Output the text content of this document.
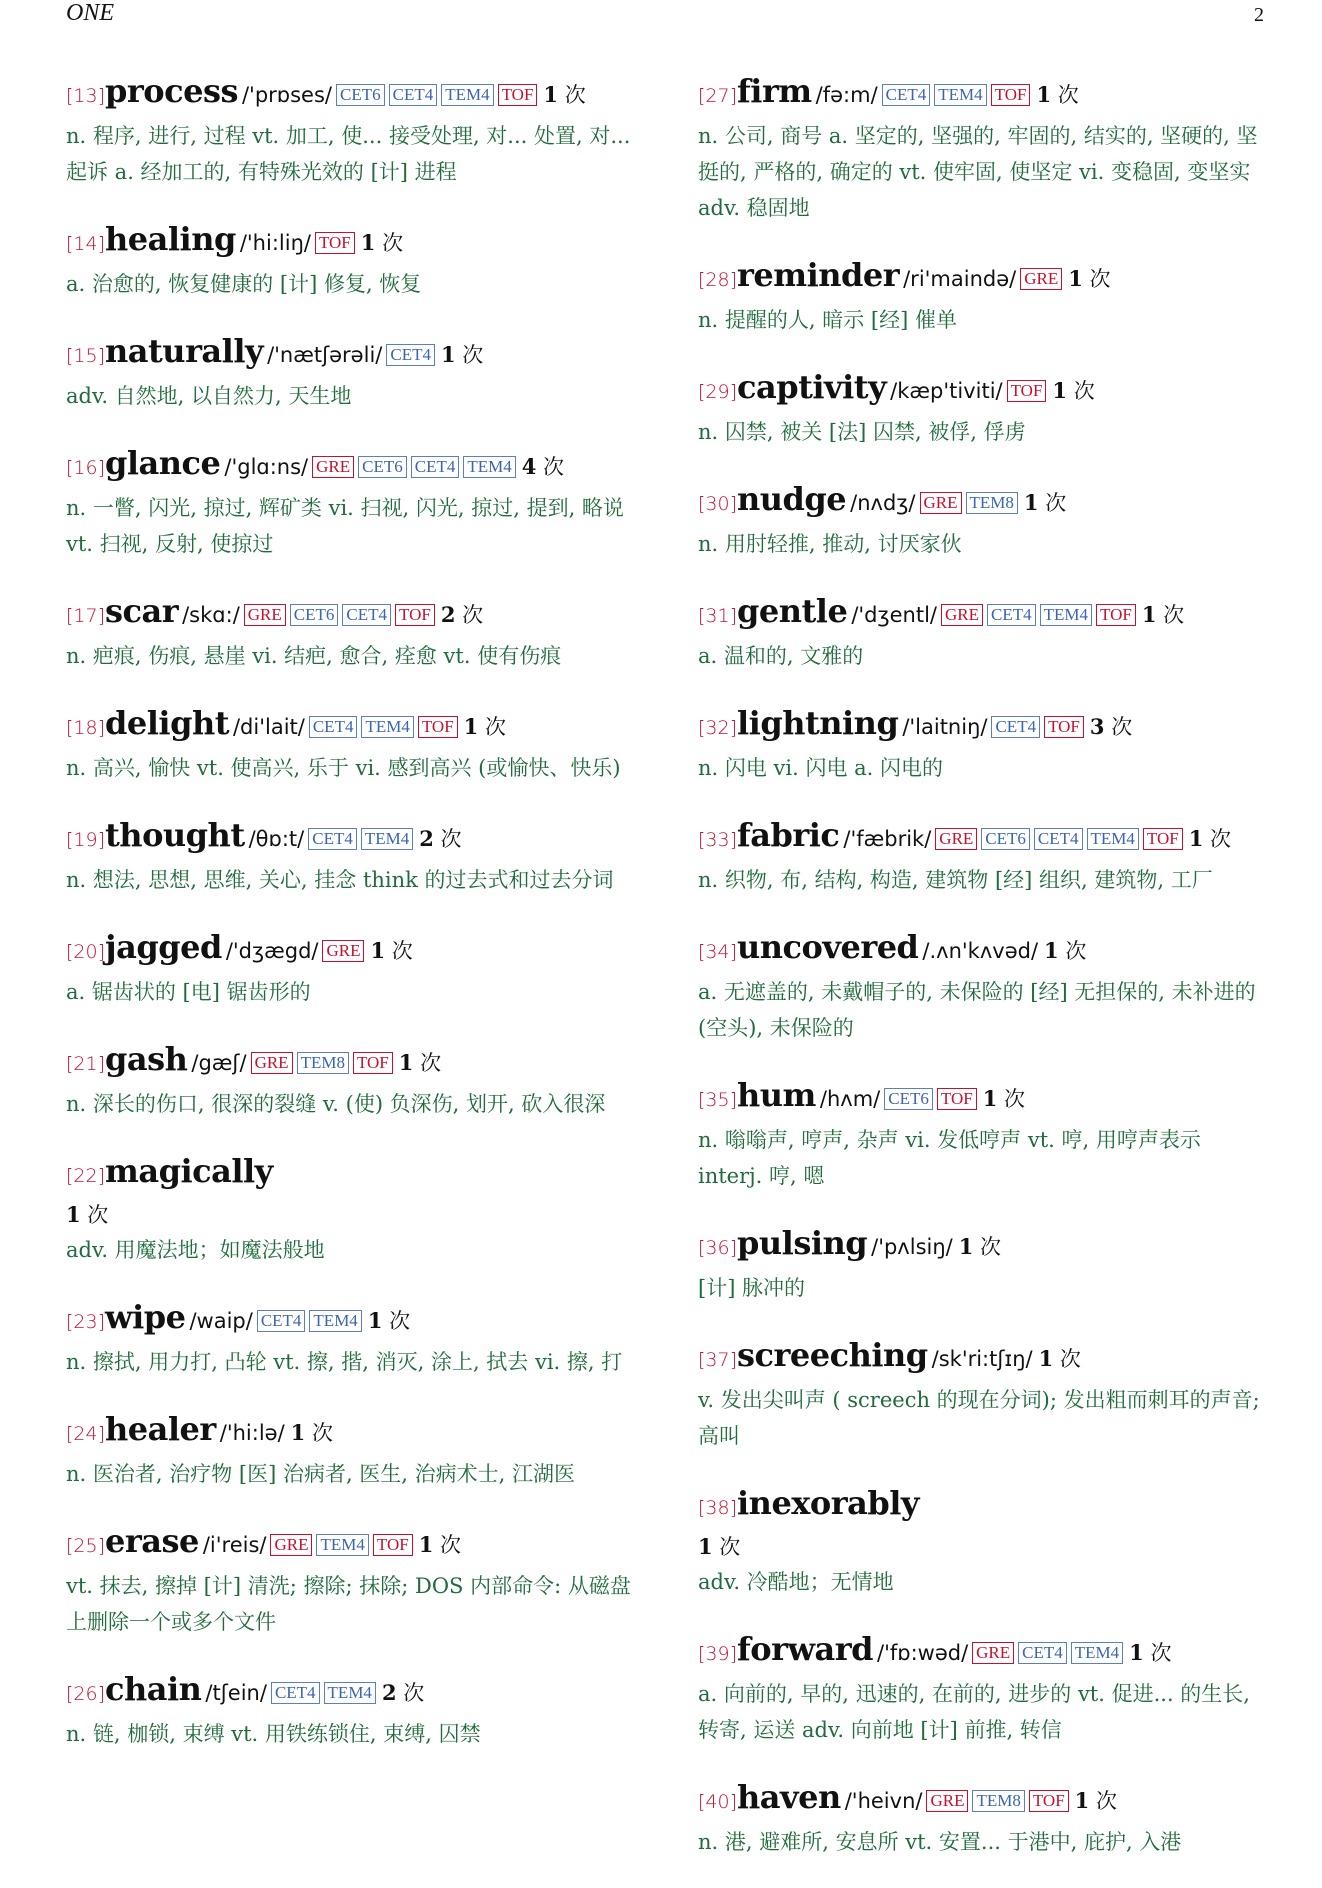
ONE	2
[13]process /'prɒses/ CET6 CET4 TEM4 TOF 1 次
n. 程序, 进行, 过程 vt. 加工, 使... 接受处理, 对... 处置, 对... 起诉 a. 经加工的, 有特殊光效的 [计] 进程
[14]healing /'hi:liŋ/ TOF 1 次
a. 治愈的, 恢复健康的 [计] 修复, 恢复
[15]naturally /'nætʃərəli/ CET4 1 次
adv. 自然地, 以自然力, 天生地
[16]glance /'glɑ:ns/ GRE CET6 CET4 TEM4 4 次
n. 一瞥, 闪光, 掠过, 辉矿类 vi. 扫视, 闪光, 掠过, 提到, 略说 vt. 扫视, 反射, 使掠过
[17]scar /skɑ:/ GRE CET6 CET4 TOF 2 次
n. 疤痕, 伤痕, 悬崖 vi. 结疤, 愈合, 痊愈 vt. 使有伤痕
[18]delight /di'lait/ CET4 TEM4 TOF 1 次
n. 高兴, 愉快 vt. 使高兴, 乐于 vi. 感到高兴 (或愉快、快乐)
[19]thought /θɒ:t/ CET4 TEM4 2 次
n. 想法, 思想, 思维, 关心, 挂念 think 的过去式和过去分词
[20]jagged /'dʒægd/ GRE 1 次
a. 锯齿状的 [电] 锯齿形的
[21]gash /gæʃ/ GRE TEM8 TOF 1 次
n. 深长的伤口, 很深的裂缝 v. (使) 负深伤, 划开, 砍入很深
[22]magically
1 次
adv. 用魔法地；如魔法般地
[23]wipe /waip/ CET4 TEM4 1 次
n. 擦拭, 用力打, 凸轮 vt. 擦, 揩, 消灭, 涂上, 拭去 vi. 擦, 打
[24]healer /'hi:lə/ 1 次
n. 医治者, 治疗物 [医] 治病者, 医生, 治病术士, 江湖医
[25]erase /i'reis/ GRE TEM4 TOF 1 次
vt. 抹去, 擦掉 [计] 清洗; 擦除; 抹除; DOS 内部命令: 从磁盘上删除一个或多个文件
[26]chain /tʃein/ CET4 TEM4 2 次
n. 链, 枷锁, 束缚 vt. 用铁练锁住, 束缚, 囚禁
[27]firm /fə:m/ CET4 TEM4 TOF 1 次
n. 公司, 商号 a. 坚定的, 坚强的, 牢固的, 结实的, 坚硬的, 坚挺的, 严格的, 确定的 vt. 使牢固, 使坚定 vi. 变稳固, 变坚实 adv. 稳固地
[28]reminder /ri'maində/ GRE 1 次
n. 提醒的人, 暗示 [经] 催单
[29]captivity /kæp'tiviti/ TOF 1 次
n. 囚禁, 被关 [法] 囚禁, 被俘, 俘虏
[30]nudge /nʌdʒ/ GRE TEM8 1 次
n. 用肘轻推, 推动, 讨厌家伙
[31]gentle /'dʒentl/ GRE CET4 TEM4 TOF 1 次
a. 温和的, 文雅的
[32]lightning /'laitniŋ/ CET4 TOF 3 次
n. 闪电 vi. 闪电 a. 闪电的
[33]fabric /'fæbrik/ GRE CET6 CET4 TEM4 TOF 1 次
n. 织物, 布, 结构, 构造, 建筑物 [经] 组织, 建筑物, 工厂
[34]uncovered /.ʌn'kʌvəd/ 1 次
a. 无遮盖的, 未戴帽子的, 未保险的 [经] 无担保的, 未补进的 (空头), 未保险的
[35]hum /hʌm/ CET6 TOF 1 次
n. 嗡嗡声, 哼声, 杂声 vi. 发低哼声 vt. 哼, 用哼声表示 interj. 哼, 嗯
[36]pulsing /'pʌlsiŋ/ 1 次
[计] 脉冲的
[37]screeching /sk'ri:tʃɪŋ/ 1 次
v. 发出尖叫声 ( screech 的现在分词); 发出粗而刺耳的声音; 高叫
[38]inexorably
1 次
adv. 冷酷地；无情地
[39]forward /'fɒ:wəd/ GRE CET4 TEM4 1 次
a. 向前的, 早的, 迅速的, 在前的, 进步的 vt. 促进... 的生长, 转寄, 运送 adv. 向前地 [计] 前推, 转信
[40]haven /'heivn/ GRE TEM8 TOF 1 次
n. 港, 避难所, 安息所 vt. 安置... 于港中, 庇护, 入港
